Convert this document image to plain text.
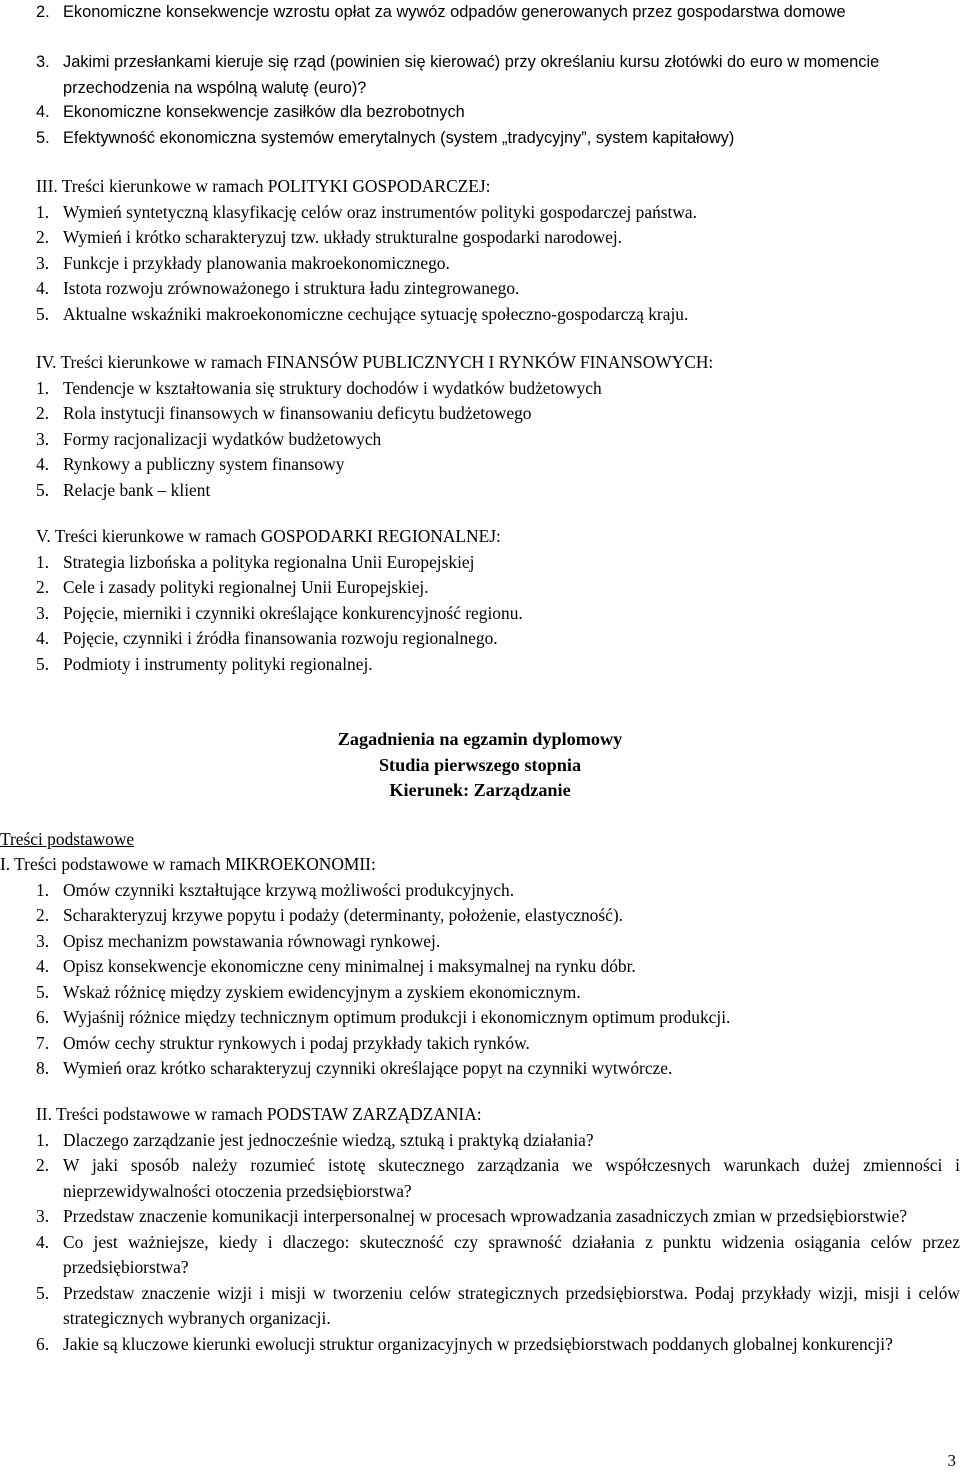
2. Ekonomiczne konsekwencje wzrostu opłat za wywóz odpadów generowanych przez gospodarstwa domowe
3. Jakimi przesłankami kieruje się rząd (powinien się kierować) przy określaniu kursu złotówki do euro w momencie przechodzenia na wspólną walutę (euro)?
4. Ekonomiczne konsekwencje zasiłków dla bezrobotnych
5. Efektywność ekonomiczna systemów emerytalnych (system „tradycyjny”, system kapitałowy)
III. Treści kierunkowe w ramach POLITYKI GOSPODARCZEJ:
1. Wymień syntetyczną klasyfikację celów oraz instrumentów polityki gospodarczej państwa.
2. Wymień i krótko scharakteryzuj tzw. układy strukturalne gospodarki narodowej.
3. Funkcje i przykłady planowania makroekonomicznego.
4. Istota rozwoju zrównoważonego i struktura ładu zintegrowanego.
5. Aktualne wskaźniki makroekonomiczne cechujące sytuację społeczno-gospodarczą kraju.
IV. Treści kierunkowe w ramach FINANSÓW PUBLICZNYCH I RYNKÓW FINANSOWYCH:
1. Tendencje w kształtowania się struktury dochodów i wydatków budżetowych
2. Rola instytucji finansowych w finansowaniu deficytu budżetowego
3. Formy racjonalizacji wydatków budżetowych
4. Rynkowy a publiczny system finansowy
5. Relacje bank – klient
V. Treści kierunkowe w ramach GOSPODARKI REGIONALNEJ:
1. Strategia lizbońska a polityka regionalna Unii Europejskiej
2. Cele i zasady polityki regionalnej Unii Europejskiej.
3. Pojęcie, mierniki i czynniki określające konkurencyjność regionu.
4. Pojęcie, czynniki i źródła finansowania rozwoju regionalnego.
5. Podmioty i instrumenty polityki regionalnej.
Zagadnienia na egzamin dyplomowy
Studia pierwszego stopnia
Kierunek: Zarządzanie
Treści podstawowe
I. Treści podstawowe w ramach MIKROEKONOMII:
1. Omów czynniki kształtujące krzywą możliwości produkcyjnych.
2. Scharakteryzuj krzywe popytu i podaży (determinanty, położenie, elastyczność).
3. Opisz mechanizm powstawania równowagi rynkowej.
4. Opisz konsekwencje ekonomiczne ceny minimalnej i maksymalnej na rynku dóbr.
5. Wskaż różnicę między zyskiem ewidencyjnym a zyskiem ekonomicznym.
6. Wyjaśnij różnice między technicznym optimum produkcji i ekonomicznym optimum produkcji.
7. Omów cechy struktur rynkowych i podaj przykłady takich rynków.
8. Wymień oraz krótko scharakteryzuj czynniki określające popyt na czynniki wytwórcze.
II. Treści podstawowe w ramach PODSTAW ZARZĄDZANIA:
1. Dlaczego zarządzanie jest jednocześnie wiedzą, sztuką i praktyką działania?
2. W jaki sposób należy rozumieć istotę skutecznego zarządzania we współczesnych warunkach dużej zmienności i nieprzewidywalności otoczenia przedsiębiorstwa?
3. Przedstaw znaczenie komunikacji interpersonalnej w procesach wprowadzania zasadniczych zmian w przedsiębiorstwie?
4. Co jest ważniejsze, kiedy i dlaczego: skuteczność czy sprawność działania z punktu widzenia osiągania celów przez przedsiębiorstwa?
5. Przedstaw znaczenie wizji i misji w tworzeniu celów strategicznych przedsiębiorstwa. Podaj przykłady wizji, misji i celów strategicznych wybranych organizacji.
6. Jakie są kluczowe kierunki ewolucji struktur organizacyjnych w przedsiębiorstwach poddanych globalnej konkurencji?
3
